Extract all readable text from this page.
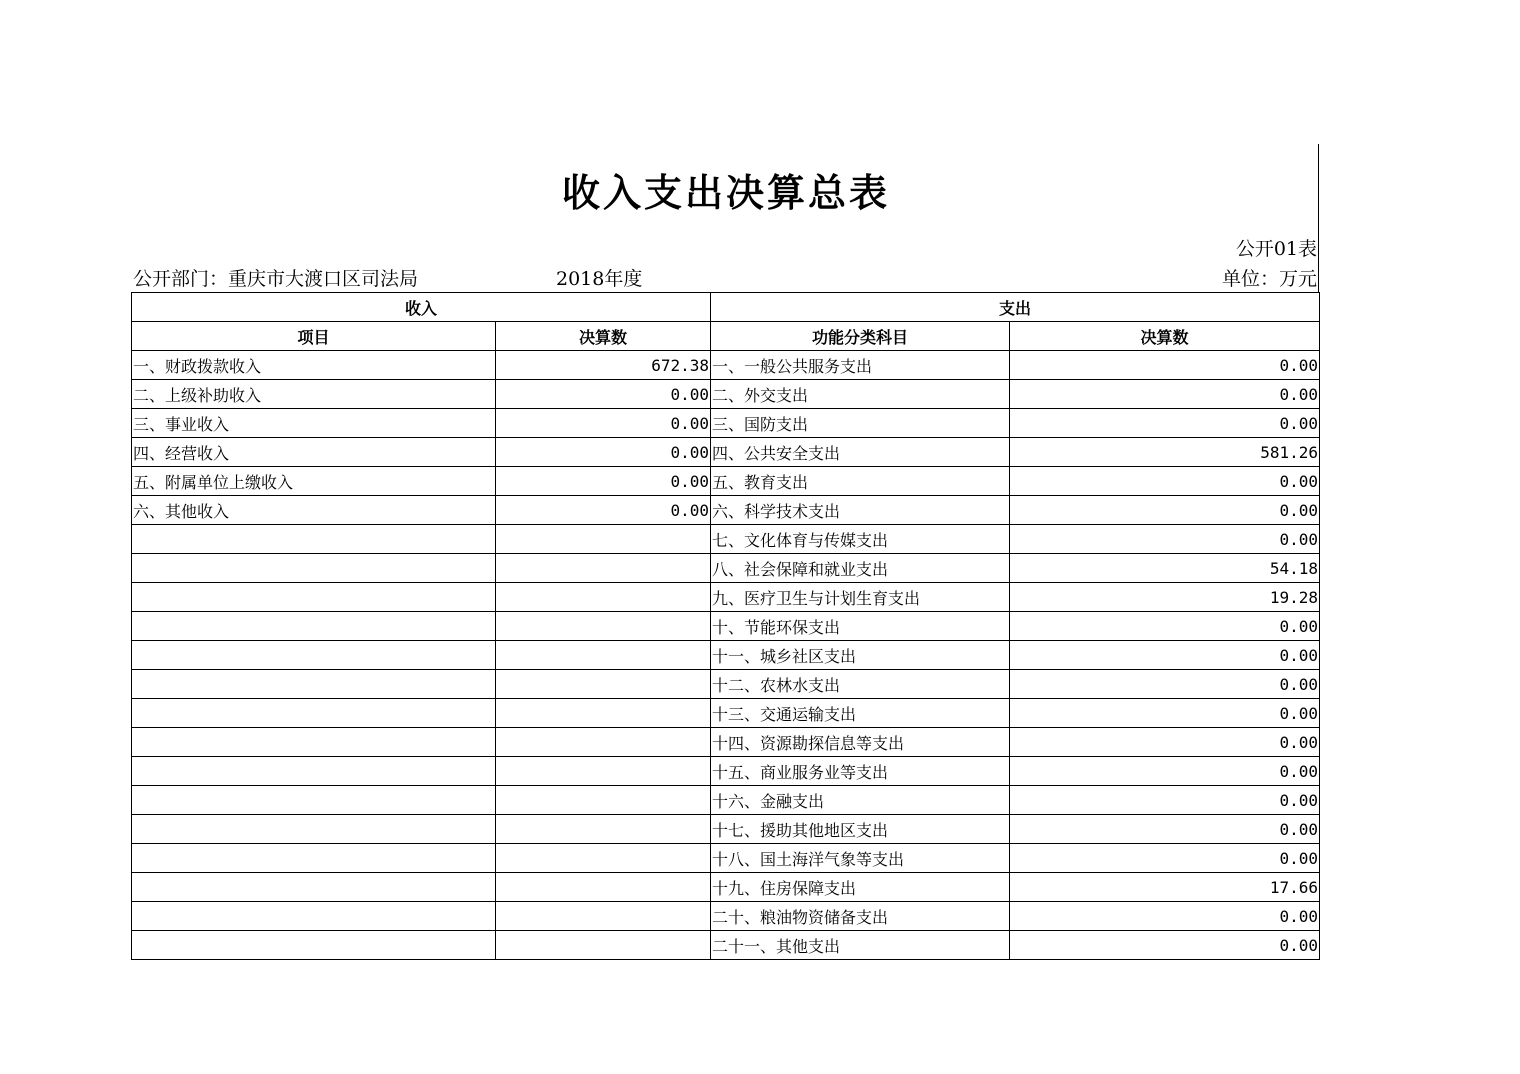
收入支出决算总表
公开01表
公开部门：重庆市大渡口区司法局	2018年度	单位：万元
收入		支出	
项目	决算数	功能分类科目	决算数
一、财政拨款收入	672.38	一、一般公共服务支出	0.00
二、上级补助收入	0.00	二、外交支出	0.00
三、事业收入	0.00	三、国防支出	0.00
四、经营收入	0.00	四、公共安全支出	581.26
五、附属单位上缴收入	0.00	五、教育支出	0.00
六、其他收入	0.00	六、科学技术支出	0.00
		七、文化体育与传媒支出	0.00
		八、社会保障和就业支出	54.18
		九、医疗卫生与计划生育支出	19.28
		十、节能环保支出	0.00
		十一、城乡社区支出	0.00
		十二、农林水支出	0.00
		十三、交通运输支出	0.00
		十四、资源勘探信息等支出	0.00
		十五、商业服务业等支出	0.00
		十六、金融支出	0.00
		十七、援助其他地区支出	0.00
		十八、国土海洋气象等支出	0.00
		十九、住房保障支出	17.66
		二十、粮油物资储备支出	0.00
		二十一、其他支出	0.00
